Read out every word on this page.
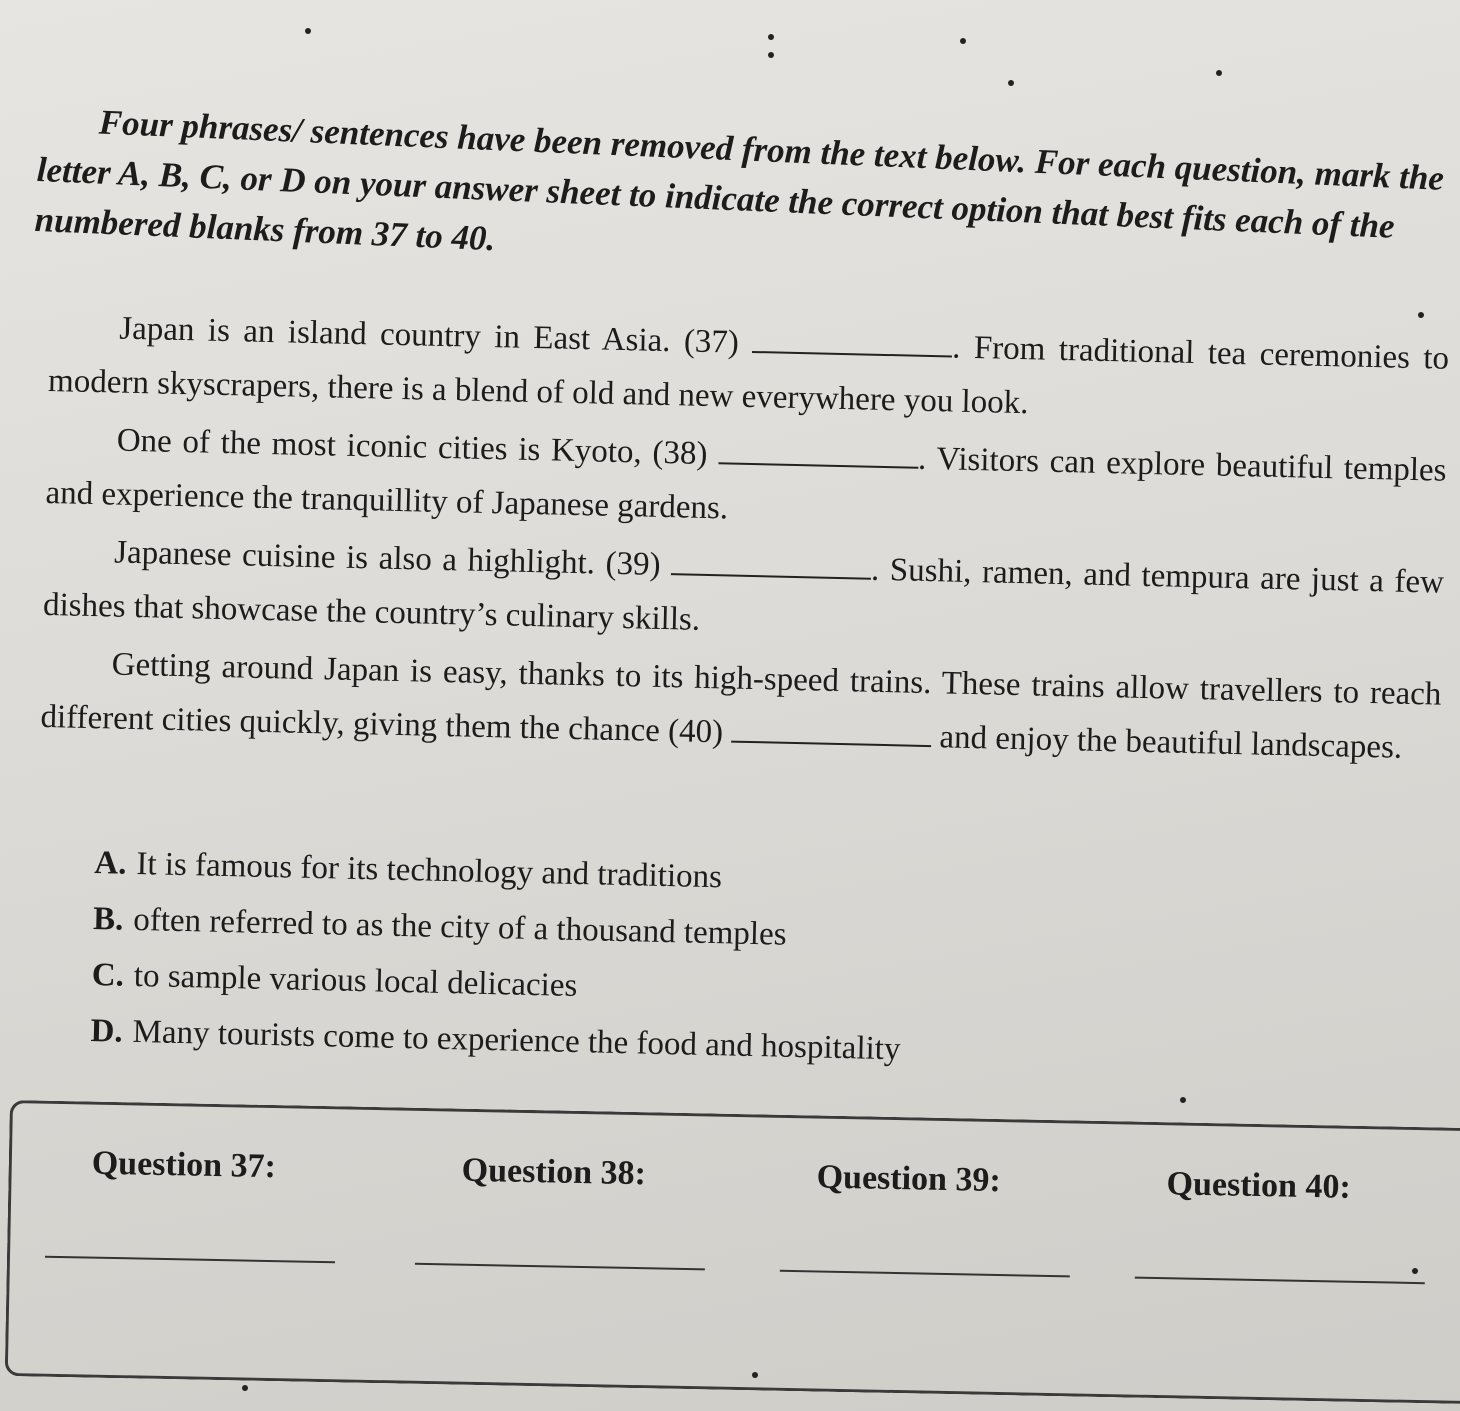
Four phrases/ sentences have been removed from the text below. For each question, mark the letter A, B, C, or D on your answer sheet to indicate the correct option that best fits each of the numbered blanks from 37 to 40.

Japan is an island country in East Asia. (37)	. From traditional tea ceremonies to modern skyscrapers, there is a blend of old and new everywhere you look.

One of the most iconic cities is Kyoto, (38)	. Visitors can explore beautiful temples and experience the tranquillity of Japanese gardens.

Japanese cuisine is also a highlight. (39)	. Sushi, ramen, and tempura are just a few dishes that showcase the country’s culinary skills.

Getting around Japan is easy, thanks to its high-speed trains. These trains allow travellers to reach different cities quickly, giving them the chance (40)	and enjoy the beautiful landscapes.

A. It is famous for its technology and traditions
B. often referred to as the city of a thousand temples
C. to sample various local delicacies
D. Many tourists come to experience the food and hospitality
Question 37:	Question 38:	Question 39:	Question 40:
